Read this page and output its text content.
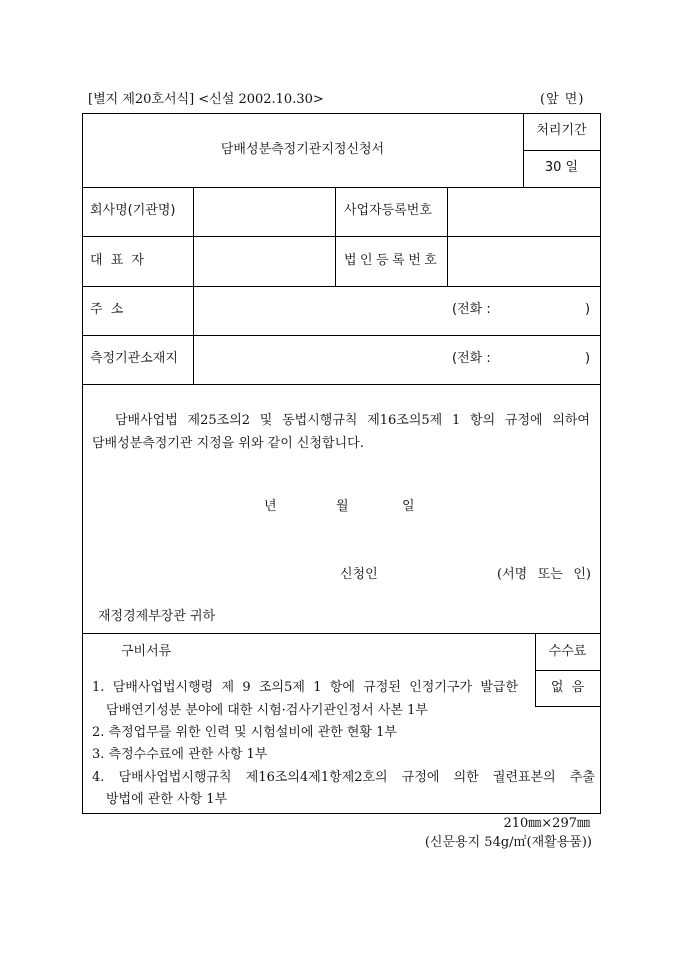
[별지 제20호서식] <신설 2002.10.30>	(앞 면)
담배성분측정기관지정신청서
처리기간
30 일
회사명(기관명)	사업자등록번호
대 표 자	법인등록번호
주 소	(전화 :	)
측정기관소재지	(전화 :	)
담배사업법 제25조의2 및 동법시행규칙 제16조의5제 1 항의 규정에 의하여
담배성분측정기관 지정을 위와 같이 신청합니다.
년	월	일
신청인	(서명 또는 인)
재정경제부장관 귀하
구비서류	수수료
없 음
1. 담배사업법시행령 제 9 조의5제 1 항에 규정된 인정기구가 발급한
담배연기성분 분야에 대한 시험·검사기관인정서 사본 1부
2. 측정업무를 위한 인력 및 시험설비에 관한 현황 1부
3. 측정수수료에 관한 사항 1부
4. 담배사업법시행규칙 제16조의4제1항제2호의 규정에 의한 궐련표본의 추출
방법에 관한 사항 1부
210㎜×297㎜
(신문용지 54g/㎡(재활용품))
